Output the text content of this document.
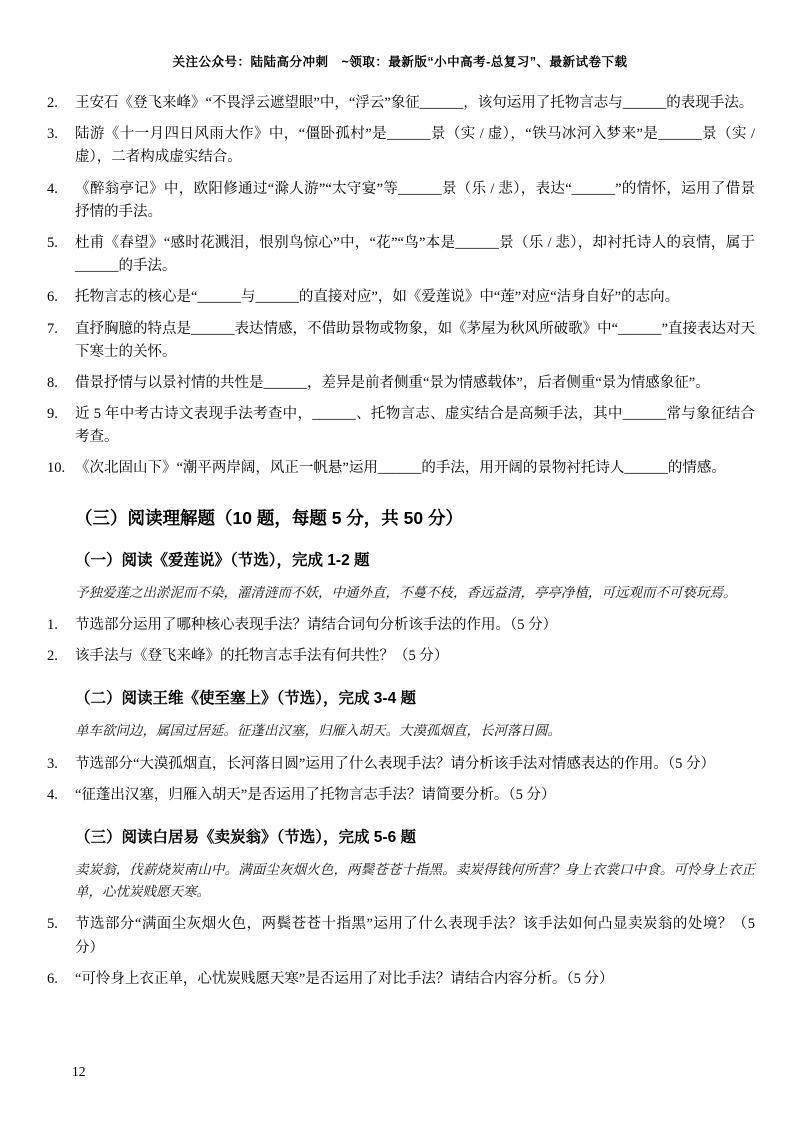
关注公众号：陆陆高分冲刺　~领取：最新版“小中高考-总复习”、最新试卷下载
2.	王安石《登飞来峰》“不畏浮云遮望眼”中，“浮云”象征______，该句运用了托物言志与______的表现手法。
3.	陆游《十一月四日风雨大作》中，“僵卧孤村”是______景（实 / 虚），“铁马冰河入梦来”是______景（实 / 虚），二者构成虚实结合。
4.	《醉翁亭记》中，欧阳修通过“滁人游”“太守宴”等______景（乐 / 悲），表达“______”的情怀，运用了借景抒情的手法。
5.	杜甫《春望》“感时花溅泪，恨别鸟惊心”中，“花”“鸟”本是______景（乐 / 悲），却衬托诗人的哀情，属于______的手法。
6.	托物言志的核心是“______与______的直接对应”，如《爱莲说》中“莲”对应“洁身自好”的志向。
7.	直抒胸臆的特点是______表达情感，不借助景物或物象，如《茅屋为秋风所破歌》中“______”直接表达对天下寒士的关怀。
8.	借景抒情与以景衬情的共性是______，差异是前者侧重“景为情感载体”，后者侧重“景为情感象征”。
9.	近 5 年中考古诗文表现手法考查中，______、托物言志、虚实结合是高频手法，其中______常与象征结合考查。
10. 《次北固山下》“潮平两岸阔，风正一帆悬”运用______的手法，用开阔的景物衬托诗人______的情感。
（三）阅读理解题（10 题，每题 5 分，共 50 分）
（一）阅读《爱莲说》（节选），完成 1-2 题

予独爱莲之出淤泥而不染，濯清涟而不妖，中通外直，不蔓不枝，香远益清，亭亭净植，可远观而不可亵玩焉。

1.	节选部分运用了哪种核心表现手法？请结合词句分析该手法的作用。（5 分）
2.	该手法与《登飞来峰》的托物言志手法有何共性？（5 分）
（二）阅读王维《使至塞上》（节选），完成 3-4 题

单车欲问边，属国过居延。征蓬出汉塞，归雁入胡天。大漠孤烟直，长河落日圆。

3.	节选部分“大漠孤烟直，长河落日圆”运用了什么表现手法？请分析该手法对情感表达的作用。（5 分）
4.	“征蓬出汉塞，归雁入胡天”是否运用了托物言志手法？请简要分析。（5 分）
（三）阅读白居易《卖炭翁》（节选），完成 5-6 题

卖炭翁，伐薪烧炭南山中。满面尘灰烟火色，两鬓苍苍十指黑。卖炭得钱何所营？身上衣裳口中食。可怜身上衣正单，心忧炭贱愿天寒。

5.	节选部分“满面尘灰烟火色，两鬓苍苍十指黑”运用了什么表现手法？该手法如何凸显卖炭翁的处境？（5 分）
6.	“可怜身上衣正单，心忧炭贱愿天寒”是否运用了对比手法？请结合内容分析。（5 分）
12
